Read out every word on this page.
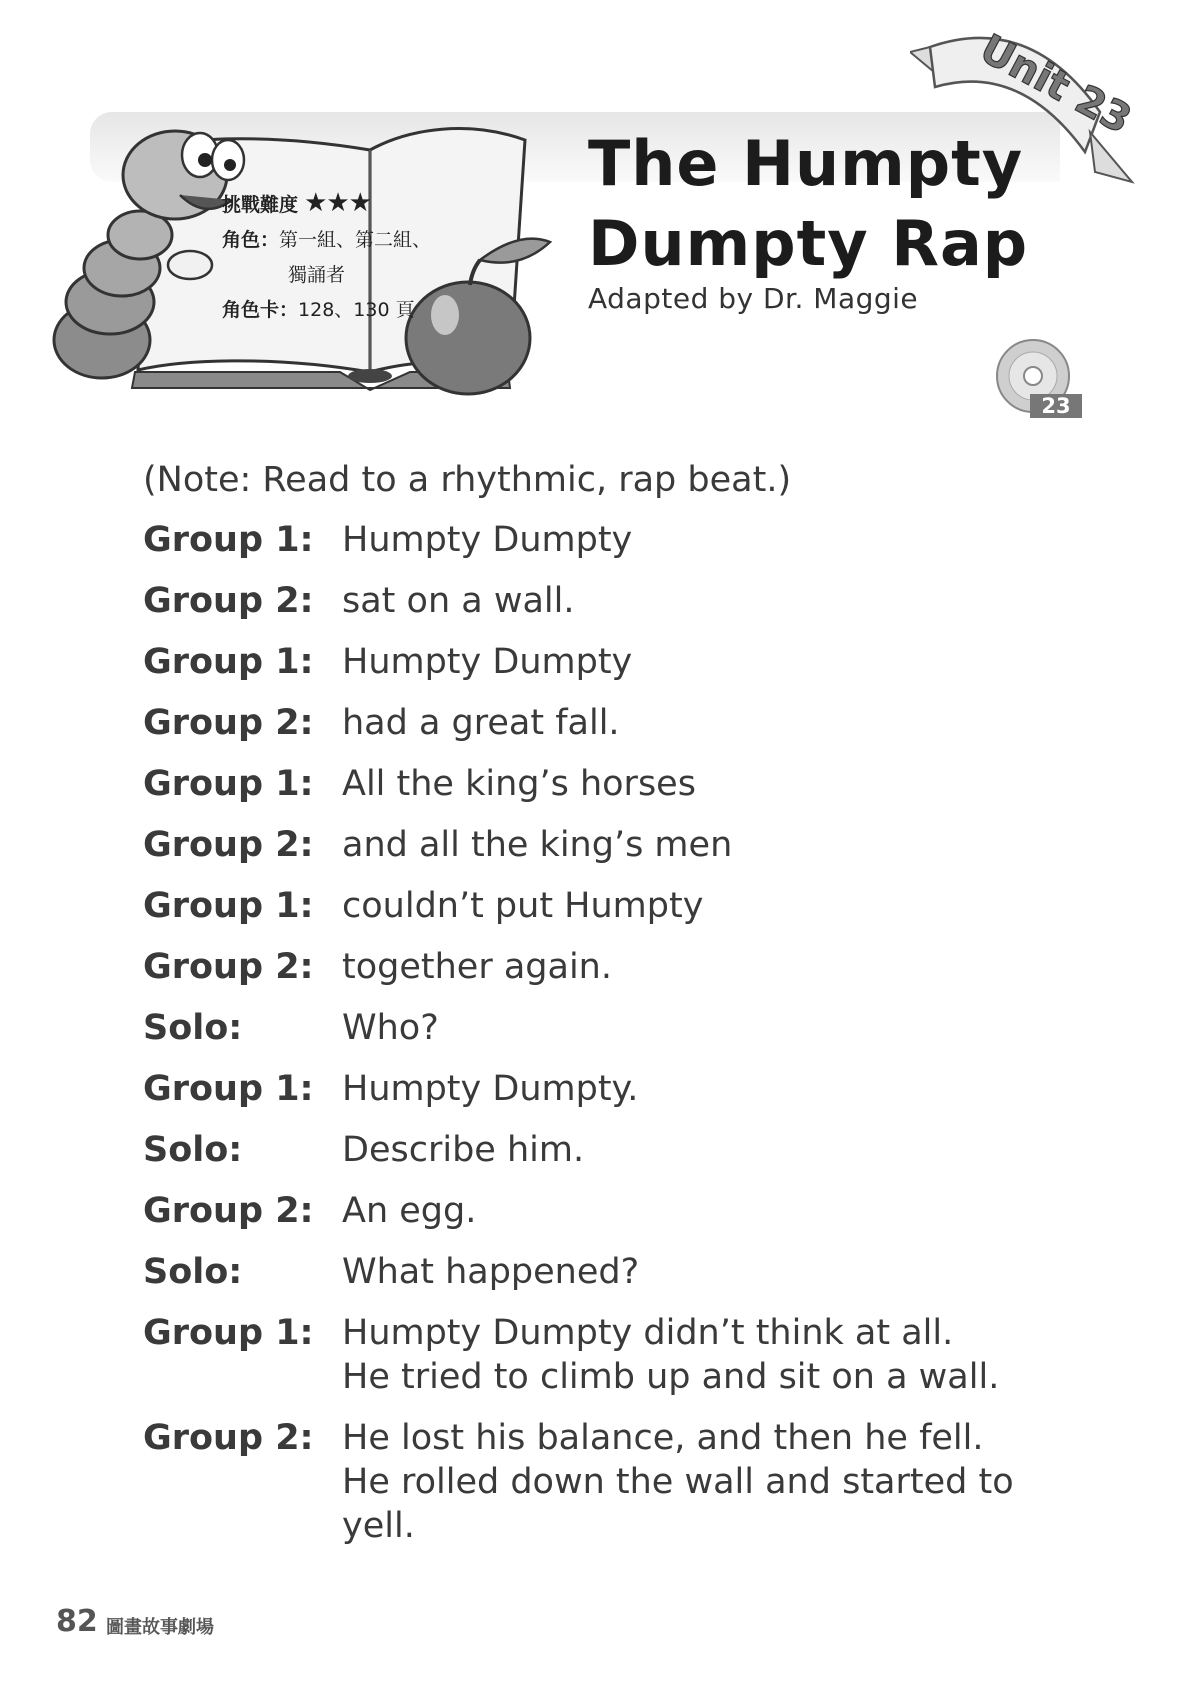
挑戰難度 ★★★
角色：第一組、第二組、
獨誦者
角色卡：128、130 頁
Unit 23
The Humpty
Dumpty Rap
Adapted by Dr. Maggie
23
(Note: Read to a rhythmic, rap beat.)
Group 1: Humpty Dumpty
Group 2: sat on a wall.
Group 1: Humpty Dumpty
Group 2: had a great fall.
Group 1: All the king’s horses
Group 2: and all the king’s men
Group 1: couldn’t put Humpty
Group 2: together again.
Solo:	Who?
Group 1: Humpty Dumpty.
Solo:	Describe him.
Group 2: An egg.
Solo:	What happened?
Group 1: Humpty Dumpty didn’t think at all.
He tried to climb up and sit on a wall.
Group 2: He lost his balance, and then he fell.
He rolled down the wall and started to
yell.
82 圖畫故事劇場
